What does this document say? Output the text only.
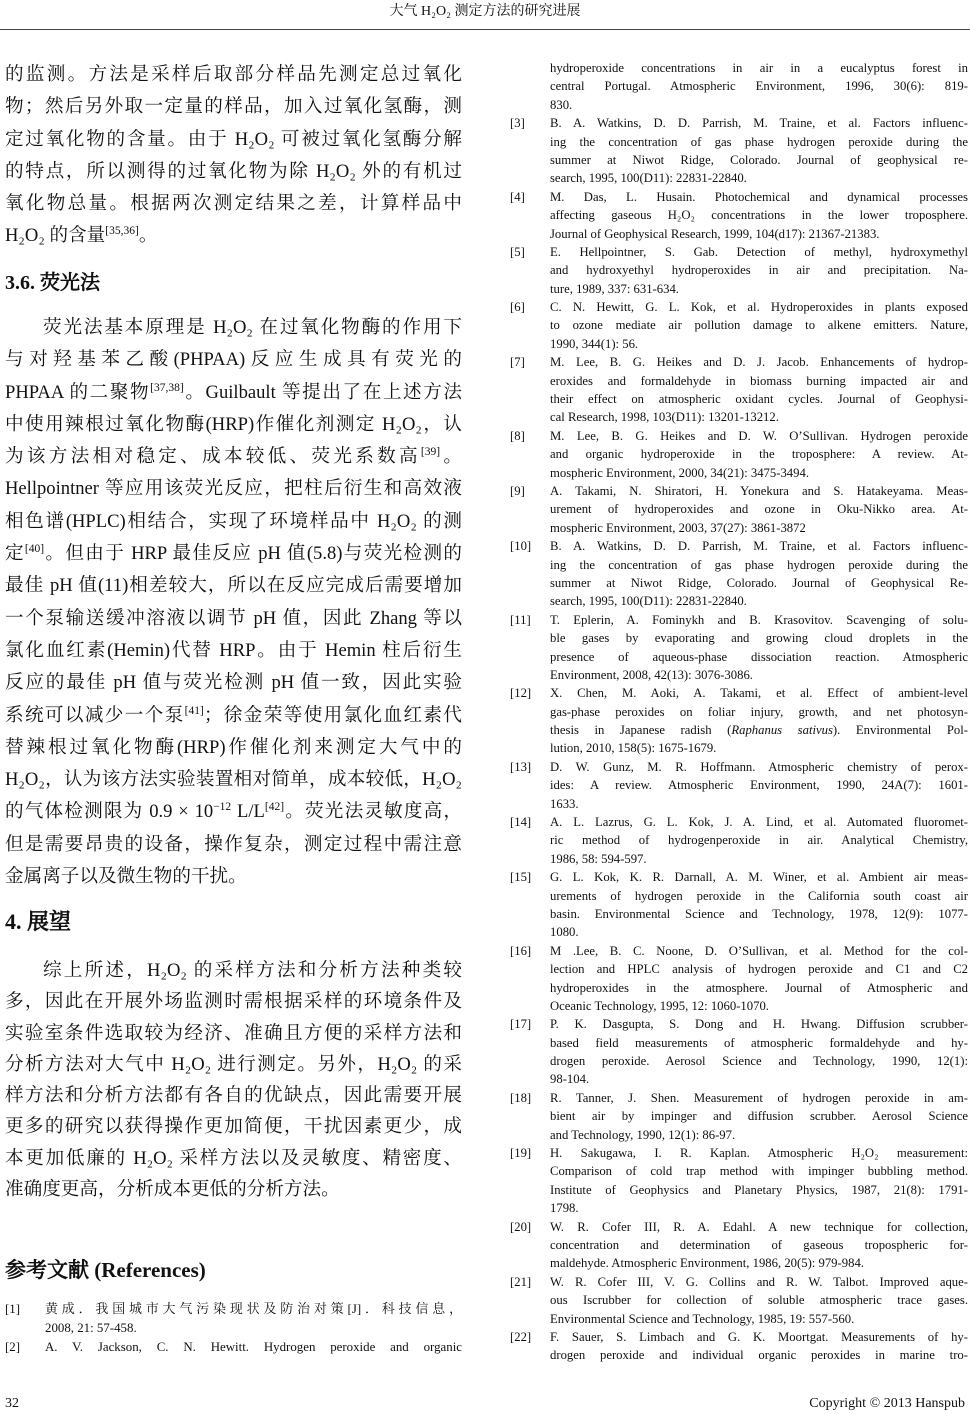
大气 H₂O₂ 测定方法的研究进展
的监测。方法是采样后取部分样品先测定总过氧化
物；然后另外取一定量的样品，加入过氧化氢酶，测
定过氧化物的含量。由于 H₂O₂ 可被过氧化氢酶分解
的特点，所以测得的过氧化物为除 H₂O₂ 外的有机过
氧化物总量。根据两次测定结果之差，计算样品中
H₂O₂ 的含量[35,36]。
3.6. 荧光法
荧光法基本原理是 H₂O₂ 在过氧化物酶的作用下
与对羟基苯乙酸(PHPAA)反应生成具有荧光的
PHPAA 的二聚物[37,38]。Guilbault 等提出了在上述方法
中使用辣根过氧化物酶(HRP)作催化剂测定 H₂O₂，认
为该方法相对稳定、成本较低、荧光系数高[39]。
Hellpointner 等应用该荧光反应，把柱后衍生和高效液
相色谱(HPLC)相结合，实现了环境样品中 H₂O₂ 的测
定[40]。但由于 HRP 最佳反应 pH 值(5.8)与荧光检测的
最佳 pH 值(11)相差较大，所以在反应完成后需要增加
一个泵输送缓冲溶液以调节 pH 值，因此 Zhang 等以
氯化血红素(Hemin)代替 HRP。由于 Hemin 柱后衍生
反应的最佳 pH 值与荧光检测 pH 值一致，因此实验
系统可以减少一个泵[41]；徐金荣等使用氯化血红素代
替辣根过氧化物酶(HRP)作催化剂来测定大气中的
H₂O₂，认为该方法实验装置相对简单，成本较低，H₂O₂
的气体检测限为 $0.9 \times 10^{-12}$ L/L[42]。荧光法灵敏度高，
但是需要昂贵的设备，操作复杂，测定过程中需注意
金属离子以及微生物的干扰。
4. 展望
综上所述，H₂O₂ 的采样方法和分析方法种类较
多，因此在开展外场监测时需根据采样的环境条件及
实验室条件选取较为经济、准确且方便的采样方法和
分析方法对大气中 H₂O₂ 进行测定。另外，H₂O₂ 的采
样方法和分析方法都有各自的优缺点，因此需要开展
更多的研究以获得操作更加简便，干扰因素更少，成
本更加低廉的 H₂O₂ 采样方法以及灵敏度、精密度、
准确度更高，分析成本更低的分析方法。
参考文献 (References)
[1] 黄成．我国城市大气污染现状及防治对策[J]．科技信息，
2008, 21: 57-458.
[2] A. V. Jackson, C. N. Hewitt. Hydrogen peroxide and organic
hydroperoxide concentrations in air in a eucalyptus forest in
central Portugal. Atmospheric Environment, 1996, 30(6): 819-
830.
[3] B. A. Watkins, D. D. Parrish, M. Traine, et al. Factors influenc-
ing the concentration of gas phase hydrogen peroxide during the
summer at Niwot Ridge, Colorado. Journal of geophysical re-
search, 1995, 100(D11): 22831-22840.
[4] M. Das, L. Husain. Photochemical and dynamical processes
affecting gaseous H₂O₂ concentrations in the lower troposphere.
Journal of Geophysical Research, 1999, 104(d17): 21367-21383.
[5] E. Hellpointner, S. Gab. Detection of methyl, hydroxymethyl
and hydroxyethyl hydroperoxides in air and precipitation. Na-
ture, 1989, 337: 631-634.
[6] C. N. Hewitt, G. L. Kok, et al. Hydroperoxides in plants exposed
to ozone mediate air pollution damage to alkene emitters. Nature,
1990, 344(1): 56.
[7] M. Lee, B. G. Heikes and D. J. Jacob. Enhancements of hydrop-
eroxides and formaldehyde in biomass burning impacted air and
their effect on atmospheric oxidant cycles. Journal of Geophysi-
cal Research, 1998, 103(D11): 13201-13212.
[8] M. Lee, B. G. Heikes and D. W. O’Sullivan. Hydrogen peroxide
and organic hydroperoxide in the troposphere: A review. At-
mospheric Environment, 2000, 34(21): 3475-3494.
[9] A. Takami, N. Shiratori, H. Yonekura and S. Hatakeyama. Meas-
urement of hydroperoxides and ozone in Oku-Nikko area. At-
mospheric Environment, 2003, 37(27): 3861-3872
[10] B. A. Watkins, D. D. Parrish, M. Traine, et al. Factors influenc-
ing the concentration of gas phase hydrogen peroxide during the
summer at Niwot Ridge, Colorado. Journal of Geophysical Re-
search, 1995, 100(D11): 22831-22840.
[11] T. Eplerin, A. Fominykh and B. Krasovitov. Scavenging of solu-
ble gases by evaporating and growing cloud droplets in the
presence of aqueous-phase dissociation reaction. Atmospheric
Environment, 2008, 42(13): 3076-3086.
[12] X. Chen, M. Aoki, A. Takami, et al. Effect of ambient-level
gas-phase peroxides on foliar injury, growth, and net photosyn-
thesis in Japanese radish (Raphanus sativus). Environmental Pol-
lution, 2010, 158(5): 1675-1679.
[13] D. W. Gunz, M. R. Hoffmann. Atmospheric chemistry of perox-
ides: A review. Atmospheric Environment, 1990, 24A(7): 1601-
1633.
[14] A. L. Lazrus, G. L. Kok, J. A. Lind, et al. Automated fluoromet-
ric method of hydrogenperoxide in air. Analytical Chemistry,
1986, 58: 594-597.
[15] G. L. Kok, K. R. Darnall, A. M. Winer, et al. Ambient air meas-
urements of hydrogen peroxide in the California south coast air
basin. Environmental Science and Technology, 1978, 12(9): 1077-
1080.
[16] M .Lee, B. C. Noone, D. O’Sullivan, et al. Method for the col-
lection and HPLC analysis of hydrogen peroxide and C1 and C2
hydroperoxides in the atmosphere. Journal of Atmospheric and
Oceanic Technology, 1995, 12: 1060-1070.
[17] P. K. Dasgupta, S. Dong and H. Hwang. Diffusion scrubber-
based field measurements of atmospheric formaldehyde and hy-
drogen peroxide. Aerosol Science and Technology, 1990, 12(1):
98-104.
[18] R. Tanner, J. Shen. Measurement of hydrogen peroxide in am-
bient air by impinger and diffusion scrubber. Aerosol Science
and Technology, 1990, 12(1): 86-97.
[19] H. Sakugawa, I. R. Kaplan. Atmospheric H₂O₂ measurement:
Comparison of cold trap method with impinger bubbling method.
Institute of Geophysics and Planetary Physics, 1987, 21(8): 1791-
1798.
[20] W. R. Cofer III, R. A. Edahl. A new technique for collection,
concentration and determination of gaseous tropospheric for-
maldehyde. Atmospheric Environment, 1986, 20(5): 979-984.
[21] W. R. Cofer III, V. G. Collins and R. W. Talbot. Improved aque-
ous Iscrubber for collection of soluble atmospheric trace gases.
Environmental Science and Technology, 1985, 19: 557-560.
[22] F. Sauer, S. Limbach and G. K. Moortgat. Measurements of hy-
drogen peroxide and individual organic peroxides in marine tro-
32	Copyright © 2013 Hanspub
